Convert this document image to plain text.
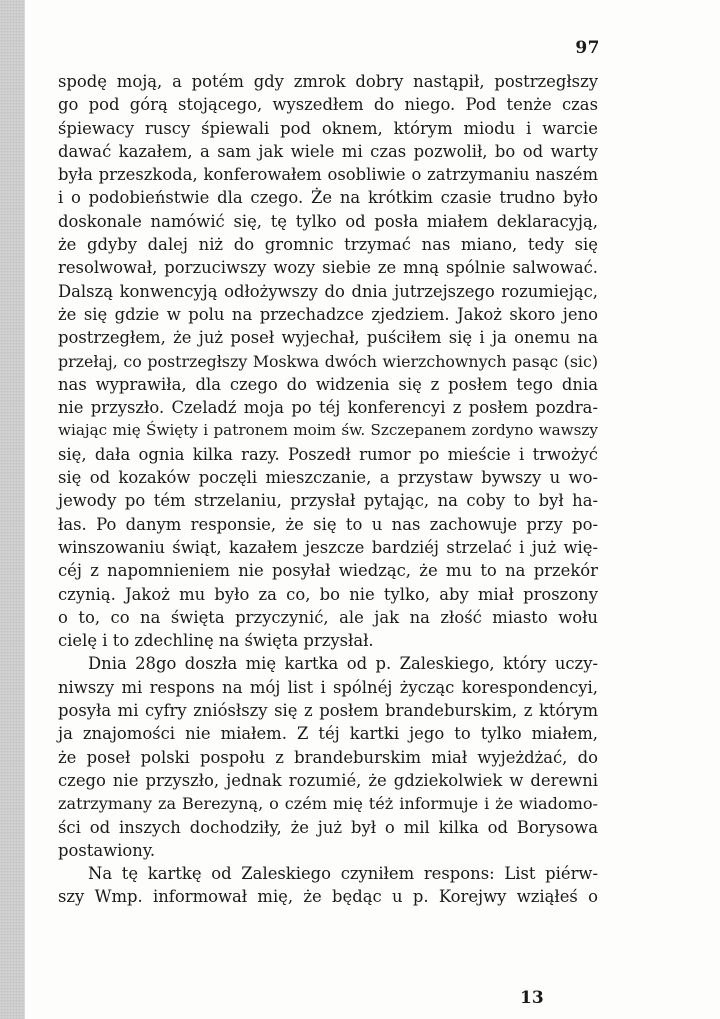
97
spodę moją, a potém gdy zmrok dobry nastąpił, postrzegłszy
go pod górą stojącego, wyszedłem do niego. Pod tenże czas
śpiewacy ruscy śpiewali pod oknem, którym miodu i warcie
dawać kazałem, a sam jak wiele mi czas pozwolił, bo od warty
była przeszkoda, konferowałem osobliwie o zatrzymaniu naszém
i o podobieństwie dla czego. Że na krótkim czasie trudno było
doskonale namówić się, tę tylko od posła miałem deklaracyją,
że gdyby dalej niż do gromnic trzymać nas miano, tedy się
resolwował, porzuciwszy wozy siebie ze mną spólnie salwować.
Dalszą konwencyją odłożywszy do dnia jutrzejszego rozumiejąc,
że się gdzie w polu na przechadzce zjedziem. Jakoż skoro jeno
postrzegłem, że już poseł wyjechał, puściłem się i ja onemu na
przełaj, co postrzegłszy Moskwa dwóch wierzchownych pasąc (sic)
nas wyprawiła, dla czego do widzenia się z posłem tego dnia
nie przyszło. Czeladź moja po téj konferencyi z posłem pozdra-
wiając mię Święty i patronem moim św. Szczepanem zordyno wawszy
się, dała ognia kilka razy. Poszedł rumor po mieście i trwożyć
się od kozaków poczęli mieszczanie, a przystaw bywszy u wo-
jewody po tém strzelaniu, przysłał pytając, na coby to był ha-
łas. Po danym responsie, że się to u nas zachowuje przy po-
winszowaniu świąt, kazałem jeszcze bardziéj strzelać i już wię-
céj z napomnieniem nie posyłał wiedząc, że mu to na przekór
czynią. Jakoż mu było za co, bo nie tylko, aby miał proszony
o to, co na święta przyczynić, ale jak na złość miasto wołu
cielę i to zdechlinę na święta przysłał.
Dnia 28go doszła mię kartka od p. Zaleskiego, który uczy-
niwszy mi respons na mój list i spólnéj życząc korespondencyi,
posyła mi cyfry zniósłszy się z posłem brandeburskim, z którym
ja znajomości nie miałem. Z téj kartki jego to tylko miałem,
że poseł polski pospołu z brandeburskim miał wyjeżdżać, do
czego nie przyszło, jednak rozumié, że gdziekolwiek w derewni
zatrzymany za Berezyną, o czém mię téż informuje i że wiadomo-
ści od inszych dochodziły, że już był o mil kilka od Borysowa
postawiony.
Na tę kartkę od Zaleskiego czyniłem respons: List piérw-
szy Wmp. informował mię, że będąc u p. Korejwy wziąłeś o
13
